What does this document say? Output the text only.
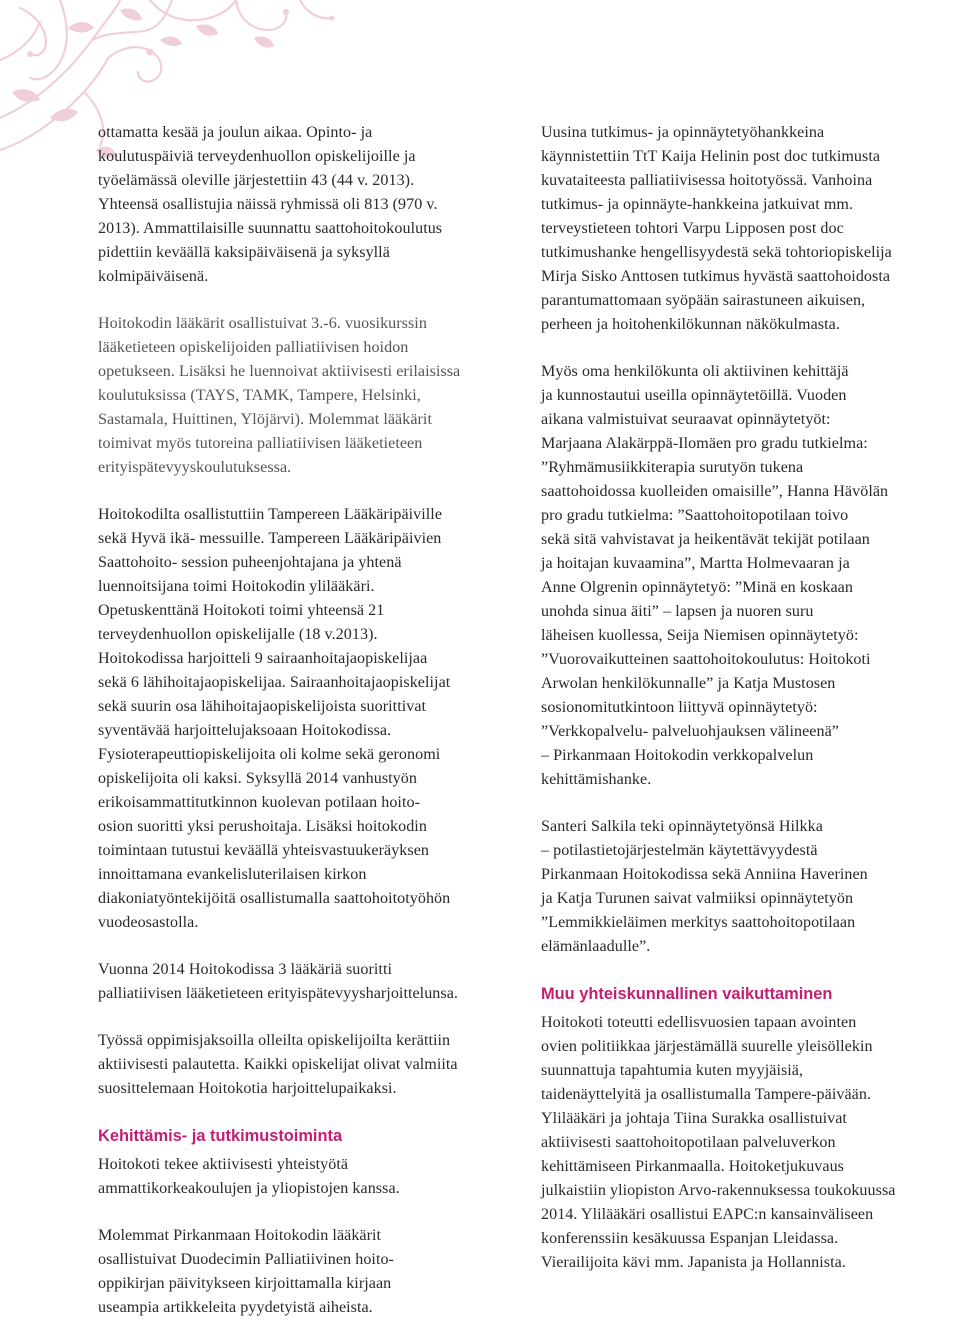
ottamatta kesää ja joulun aikaa. Opinto- ja
koulutuspäiviä terveydenhuollon opiskelijoille ja
työelämässä oleville järjestettiin 43 (44 v. 2013).
Yhteensä osallistujia näissä ryhmissä oli 813 (970 v.
2013). Ammattilaisille suunnattu saattohoitokoulutus
pidettiin keväällä kaksipäiväisenä ja syksyllä
kolmipäiväisenä.

Hoitokodin lääkärit osallistuivat 3.-6. vuosikurssin
lääketieteen opiskelijoiden palliatiivisen hoidon
opetukseen. Lisäksi he luennoivat aktiivisesti erilaisissa
koulutuksissa (TAYS, TAMK, Tampere, Helsinki,
Sastamala, Huittinen, Ylöjärvi). Molemmat lääkärit
toimivat myös tutoreina palliatiivisen lääketieteen
erityispätevyyskoulutuksessa.

Hoitokodilta osallistuttiin Tampereen Lääkäripäiville
sekä Hyvä ikä- messuille. Tampereen Lääkäripäivien
Saattohoito- session puheenjohtajana ja yhtenä
luennoitsijana toimi Hoitokodin ylilääkäri.
Opetuskenttänä Hoitokoti toimi yhteensä 21
terveydenhuollon opiskelijalle (18 v.2013).
Hoitokodissa harjoitteli 9 sairaanhoitajaopiskelijaa
sekä 6 lähihoitajaopiskelijaa. Sairaanhoitajaopiskelijat
sekä suurin osa lähihoitajaopiskelijoista suorittivat
syventävää harjoittelujaksoaan Hoitokodissa.
Fysioterapeuttiopiskelijoita oli kolme sekä geronomi
opiskelijoita oli kaksi. Syksyllä 2014 vanhustyön
erikoisammattitutkinnon kuolevan potilaan hoito-
osion suoritti yksi perushoitaja. Lisäksi hoitokodin
toimintaan tutustui keväällä yhteisvastuukeräyksen
innoittamana evankelisluterilaisen kirkon
diakoniatyöntekijöitä osallistumalla saattohoitotyöhön
vuodeosastolla.

Vuonna 2014 Hoitokodissa 3 lääkäriä suoritti
palliatiivisen lääketieteen erityispätevyysharjoittelunsa.

Työssä oppimisjaksoilla olleilta opiskelijoilta kerättiin
aktiivisesti palautetta. Kaikki opiskelijat olivat valmiita
suosittelemaan Hoitokotia harjoittelupaikaksi.

Kehittämis- ja tutkimustoiminta

Hoitokoti tekee aktiivisesti yhteistyötä
ammattikorkeakoulujen ja yliopistojen kanssa.

Molemmat Pirkanmaan Hoitokodin lääkärit
osallistuivat Duodecimin Palliatiivinen hoito-
oppikirjan päivitykseen kirjoittamalla kirjaan
useampia artikkeleita pyydetyistä aiheista.

Uusina tutkimus- ja opinnäytetyöhankkeina
käynnistettiin TtT Kaija Helinin post doc tutkimusta
kuvataiteesta palliatiivisessa hoitotyössä. Vanhoina
tutkimus- ja opinnäyte-hankkeina jatkuivat mm.
terveystieteen tohtori Varpu Lipposen post doc
tutkimushanke hengellisyydestä sekä tohtoriopiskelija
Mirja Sisko Anttosen tutkimus hyvästä saattohoidosta
parantumattomaan syöpään sairastuneen aikuisen,
perheen ja hoitohenkilökunnan näkökulmasta.

Myös oma henkilökunta oli aktiivinen kehittäjä
ja kunnostautui useilla opinnäytetöillä. Vuoden
aikana valmistuivat seuraavat opinnäytetyöt:
Marjaana Alakärppä-Ilomäen pro gradu tutkielma:
”Ryhmämusiikkiterapia surutyön tukena
saattohoidossa kuolleiden omaisille”, Hanna Hävölän
pro gradu tutkielma: ”Saattohoitopotilaan toivo
sekä sitä vahvistavat ja heikentävät tekijät potilaan
ja hoitajan kuvaamina”, Martta Holmevaaran ja
Anne Olgrenin opinnäytetyö: ”Minä en koskaan
unohda sinua äiti” – lapsen ja nuoren suru
läheisen kuollessa, Seija Niemisen opinnäytetyö:
”Vuorovaikutteinen saattohoitokoulutus: Hoitokoti
Arwolan henkilökunnalle” ja Katja Mustosen
sosionomitutkintoon liittyvä opinnäytetyö:
”Verkkopalvelu- palveluohjauksen välineenä”
– Pirkanmaan Hoitokodin verkkopalvelun
kehittämishanke.

Santeri Salkila teki opinnäytetyönsä Hilkka
– potilastietojärjestelmän käytettävyydestä
Pirkanmaan Hoitokodissa sekä Anniina Haverinen
ja Katja Turunen saivat valmiiksi opinnäytetyön
”Lemmikkieläimen merkitys saattohoitopotilaan
elämänlaadulle”.

Muu yhteiskunnallinen vaikuttaminen

Hoitokoti toteutti edellisvuosien tapaan avointen
ovien politiikkaa järjestämällä suurelle yleisöllekin
suunnattuja tapahtumia kuten myyjäisiä,
taidenäyttelyitä ja osallistumalla Tampere-päivään.
Ylilääkäri ja johtaja Tiina Surakka osallistuivat
aktiivisesti saattohoitopotilaan palveluverkon
kehittämiseen Pirkanmaalla. Hoitoketjukuvaus
julkaistiin yliopiston Arvo-rakennuksessa toukokuussa
2014. Ylilääkäri osallistui EAPC:n kansainväliseen
konferenssiin kesäkuussa Espanjan Lleidassa.
Vierailijoita kävi mm. Japanista ja Hollannista.
